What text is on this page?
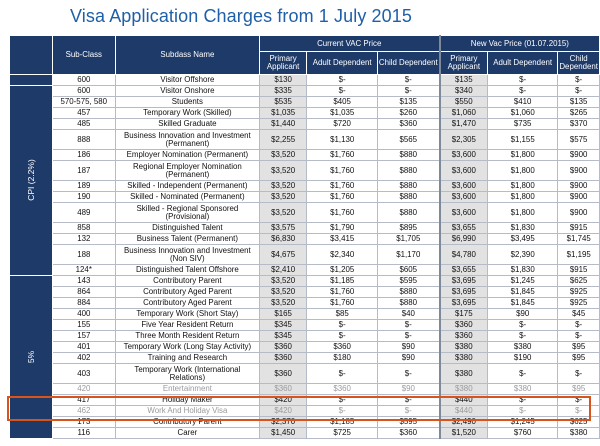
Visa Application Charges from 1 July 2015
	Sub-Class	Subdass Name	Current VAC Price			New Vac Price (01.07.2015)		
			Primary Applicant	Adult Dependent	Child Dependent	Primary Applicant	Adult Dependent	Child Dependent
	600	Visitor Offshore	$130	$-	$-	$135	$-	$-
CPI (2.2%)	600	Visitor Onshore	$335	$-	$-	$340	$-	$-
	570-575, 580	Students	$535	$405	$135	$550	$410	$135
	457	Temporary Work (Skilled)	$1,035	$1,035	$260	$1,060	$1,060	$265
	485	Skilled Graduate	$1,440	$720	$360	$1,470	$735	$370
	888	Business Innovation and Investment (Permanent)	$2,255	$1,130	$565	$2,305	$1,155	$575
	186	Employer Nomination (Permanent)	$3,520	$1,760	$880	$3,600	$1,800	$900
	187	Regional Employer Nomination (Permanent)	$3,520	$1,760	$880	$3,600	$1,800	$900
	189	Skilled - Independent (Permanent)	$3,520	$1,760	$880	$3,600	$1,800	$900
	190	Skilled - Nominated (Permanent)	$3,520	$1,760	$880	$3,600	$1,800	$900
	489	Skilled - Regional Sponsored (Provisional)	$3,520	$1,760	$880	$3,600	$1,800	$900
	858	Distinguished Talent	$3,575	$1,790	$895	$3,655	$1,830	$915
	132	Business Talent (Permanent)	$6,830	$3,415	$1,705	$6,990	$3,495	$1,745
	188	Business Innovation and Investment (Non SIV)	$4,675	$2,340	$1,170	$4,780	$2,390	$1,195
	124*	Distinguished Talent Offshore	$2,410	$1,205	$605	$3,655	$1,830	$915
5%	143	Contributory Parent	$3,520	$1,185	$595	$3,695	$1,245	$625
	864	Contributory Aged Parent	$3,520	$1,760	$880	$3,695	$1,845	$925
	884	Contributory Aged Parent	$3,520	$1,760	$880	$3,695	$1,845	$925
	400	Temporary Work (Short Stay)	$165	$85	$40	$175	$90	$45
	155	Five Year Resident Return	$345	$-	$-	$360	$-	$-
	157	Three Month Resident Return	$345	$-	$-	$360	$-	$-
	401	Temporary Work (Long Stay Activity)	$360	$360	$90	$380	$380	$95
	402	Training and Research	$360	$180	$90	$380	$190	$95
	403	Temporary Work (International Relations)	$360	$-	$-	$380	$-	$-
	420	Entertainment	$360	$360	$90	$380	$380	$95
	417	Holiday Maker	$420	$-	$-	$440	$-	$-
	462	Work And Holiday Visa	$420	$-	$-	$440	$-	$-
	173	Contributory Parent	$2,370	$1,185	$595	$2,490	$1,245	$625
	116	Carer	$1,450	$725	$360	$1,520	$760	$380
